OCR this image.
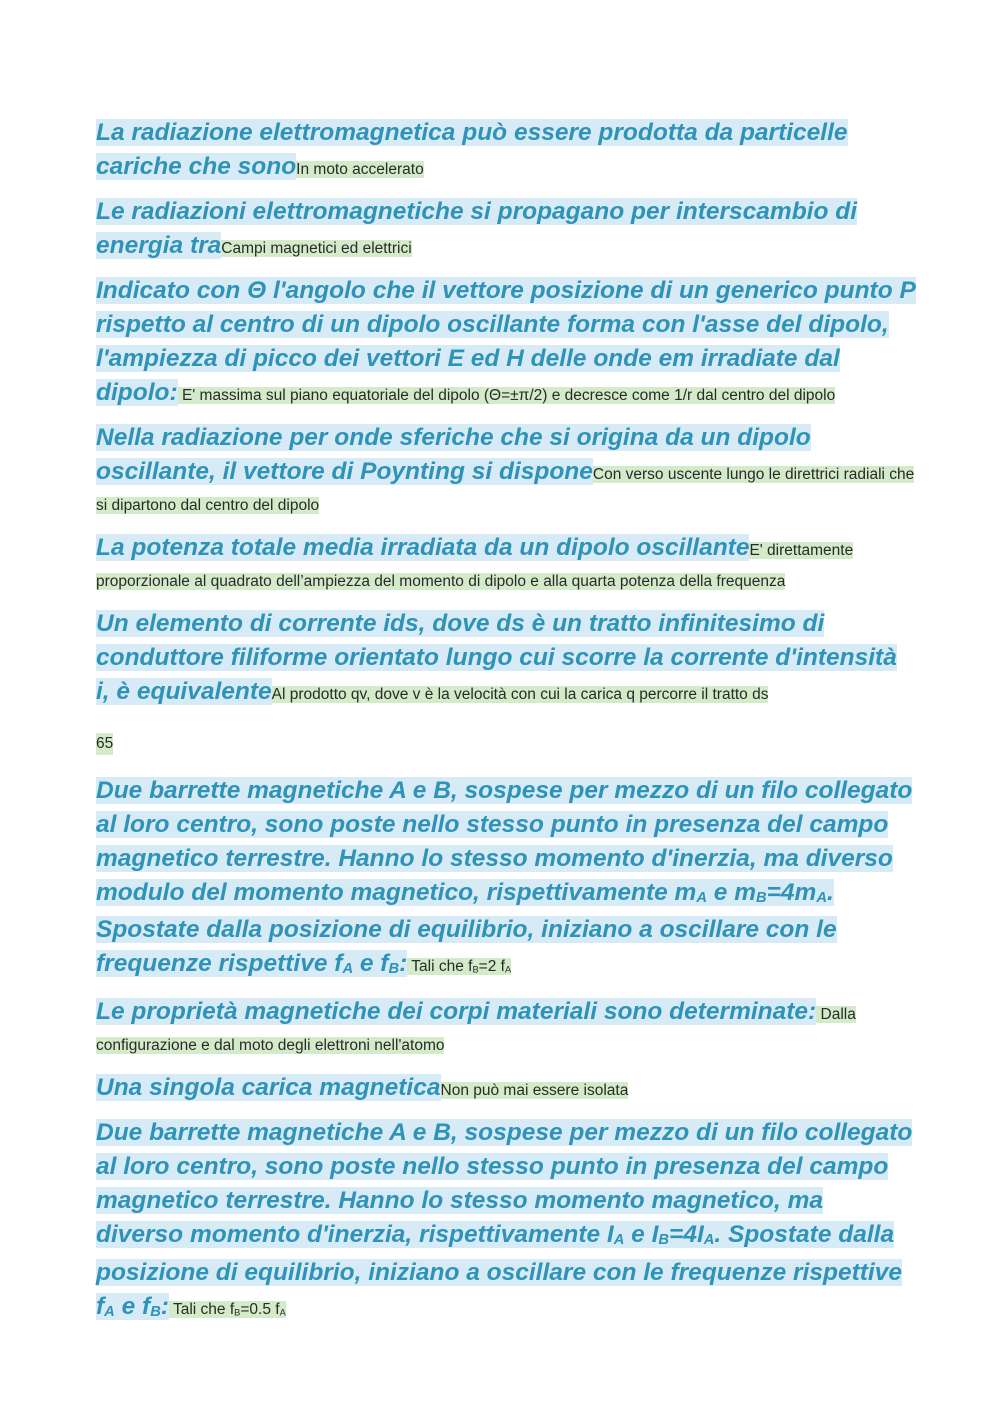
La radiazione elettromagnetica può essere prodotta da particelle cariche che sonoIn moto accelerato

Le radiazioni elettromagnetiche si propagano per interscambio di energia traCampi magnetici ed elettrici

Indicato con Θ l'angolo che il vettore posizione di un generico punto P rispetto al centro di un dipolo oscillante forma con l'asse del dipolo, l'ampiezza di picco dei vettori E ed H delle onde em irradiate dal dipolo: E' massima sul piano equatoriale del dipolo (Θ=±π/2) e decresce come 1/r dal centro del dipolo

Nella radiazione per onde sferiche che si origina da un dipolo oscillante, il vettore di Poynting si disponeCon verso uscente lungo le direttrici radiali che si dipartono dal centro del dipolo

La potenza totale media irradiata da un dipolo oscillanteE' direttamente proporzionale al quadrato dell’ampiezza del momento di dipolo e alla quarta potenza della frequenza

Un elemento di corrente ids, dove ds è un tratto infinitesimo di conduttore filiforme orientato lungo cui scorre la corrente d'intensità i, è equivalenteAl prodotto qv, dove v è la velocità con cui la carica q percorre il tratto ds

65

Due barrette magnetiche A e B, sospese per mezzo di un filo collegato al loro centro, sono poste nello stesso punto in presenza del campo magnetico terrestre. Hanno lo stesso momento d'inerzia, ma diverso modulo del momento magnetico, rispettivamente $m_A$ e $m_B=4m_A$. Spostate dalla posizione di equilibrio, iniziano a oscillare con le frequenze rispettive $f_A$ e $f_B$: Tali che $f_B=2$ $f_A$

Le proprietà magnetiche dei corpi materiali sono determinate: Dalla configurazione e dal moto degli elettroni nell'atomo

Una singola carica magneticaNon può mai essere isolata

Due barrette magnetiche A e B, sospese per mezzo di un filo collegato al loro centro, sono poste nello stesso punto in presenza del campo magnetico terrestre. Hanno lo stesso momento magnetico, ma diverso momento d'inerzia, rispettivamente $I_A$ e $I_B=4I_A$. Spostate dalla posizione di equilibrio, iniziano a oscillare con le frequenze rispettive $f_A$ e $f_B$: Tali che $f_B=0.5$ $f_A$
